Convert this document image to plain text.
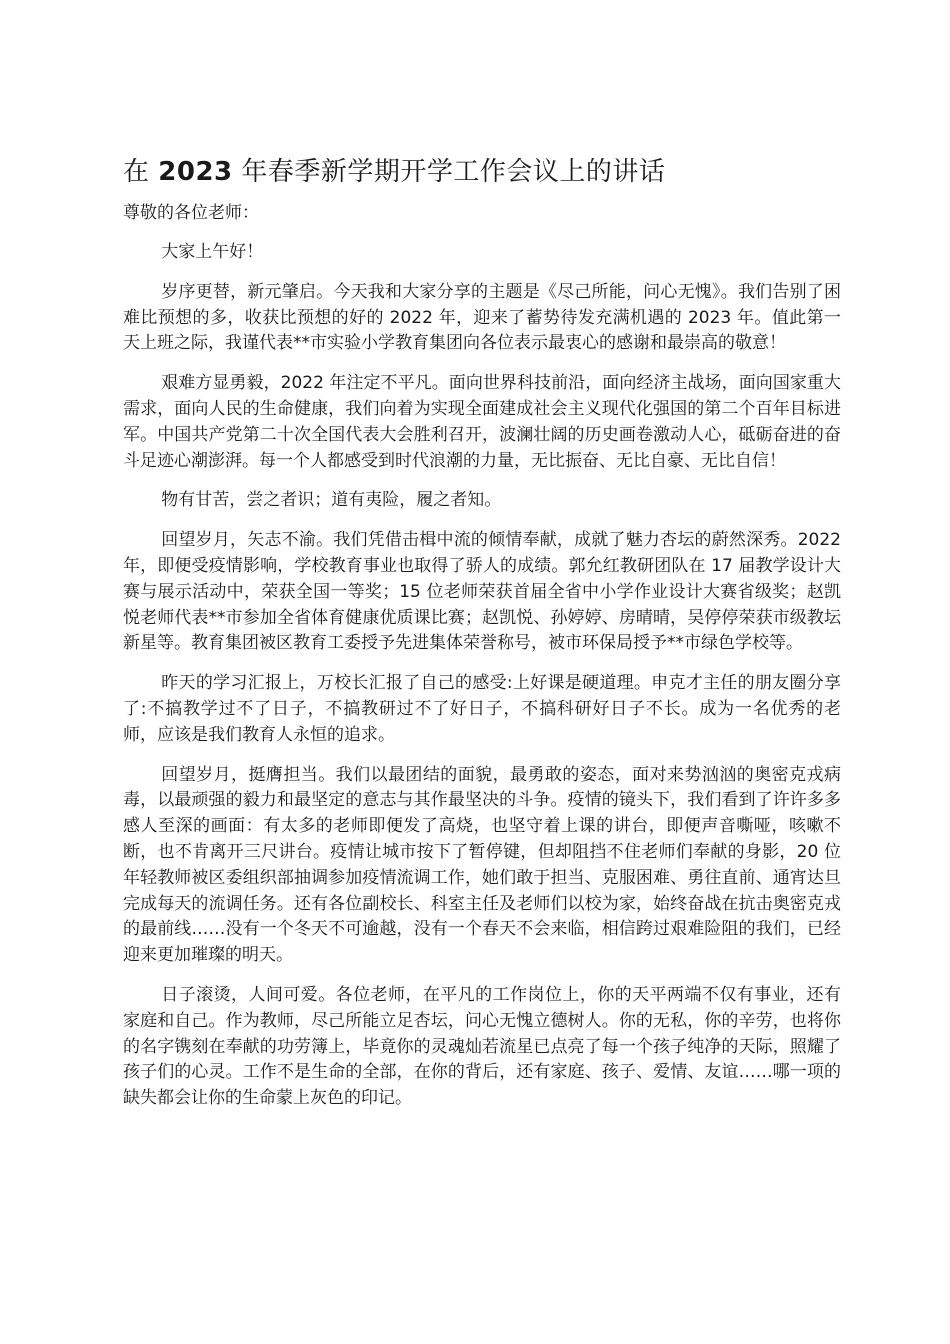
在 2023 年春季新学期开学工作会议上的讲话

尊敬的各位老师：

大家上午好！

岁序更替，新元肇启。今天我和大家分享的主题是《尽己所能，问心无愧》。我们告别了困难比预想的多，收获比预想的好的 2022 年，迎来了蓄势待发充满机遇的 2023 年。值此第一天上班之际，我谨代表**市实验小学教育集团向各位表示最衷心的感谢和最崇高的敬意！

艰难方显勇毅，2022 年注定不平凡。面向世界科技前沿，面向经济主战场，面向国家重大需求，面向人民的生命健康，我们向着为实现全面建成社会主义现代化强国的第二个百年目标进军。中国共产党第二十次全国代表大会胜利召开，波澜壮阔的历史画卷激动人心，砥砺奋进的奋斗足迹心潮澎湃。每一个人都感受到时代浪潮的力量，无比振奋、无比自豪、无比自信！

物有甘苦，尝之者识；道有夷险，履之者知。

回望岁月，矢志不渝。我们凭借击楫中流的倾情奉献，成就了魅力杏坛的蔚然深秀。2022 年，即便受疫情影响，学校教育事业也取得了骄人的成绩。郭允红教研团队在 17 届教学设计大赛与展示活动中，荣获全国一等奖；15 位老师荣获首届全省中小学作业设计大赛省级奖；赵凯悦老师代表**市参加全省体育健康优质课比赛；赵凯悦、孙婷婷、房晴晴，吴停停荣获市级教坛新星等。教育集团被区教育工委授予先进集体荣誉称号，被市环保局授予**市绿色学校等。

昨天的学习汇报上，万校长汇报了自己的感受:上好课是硬道理。申克才主任的朋友圈分享了:不搞教学过不了日子，不搞教研过不了好日子，不搞科研好日子不长。成为一名优秀的老师，应该是我们教育人永恒的追求。

回望岁月，挺膺担当。我们以最团结的面貌，最勇敢的姿态，面对来势汹汹的奥密克戎病毒，以最顽强的毅力和最坚定的意志与其作最坚决的斗争。疫情的镜头下，我们看到了许许多多感人至深的画面：有太多的老师即便发了高烧，也坚守着上课的讲台，即便声音嘶哑，咳嗽不断，也不肯离开三尺讲台。疫情让城市按下了暂停键，但却阻挡不住老师们奉献的身影，20 位年轻教师被区委组织部抽调参加疫情流调工作，她们敢于担当、克服困难、勇往直前、通宵达旦完成每天的流调任务。还有各位副校长、科室主任及老师们以校为家，始终奋战在抗击奥密克戎的最前线……没有一个冬天不可逾越，没有一个春天不会来临，相信跨过艰难险阻的我们，已经迎来更加璀璨的明天。

日子滚烫，人间可爱。各位老师，在平凡的工作岗位上，你的天平两端不仅有事业，还有家庭和自己。作为教师，尽己所能立足杏坛，问心无愧立德树人。你的无私，你的辛劳，也将你的名字镌刻在奉献的功劳簿上，毕竟你的灵魂灿若流星已点亮了每一个孩子纯净的天际，照耀了孩子们的心灵。工作不是生命的全部，在你的背后，还有家庭、孩子、爱情、友谊……哪一项的缺失都会让你的生命蒙上灰色的印记。
